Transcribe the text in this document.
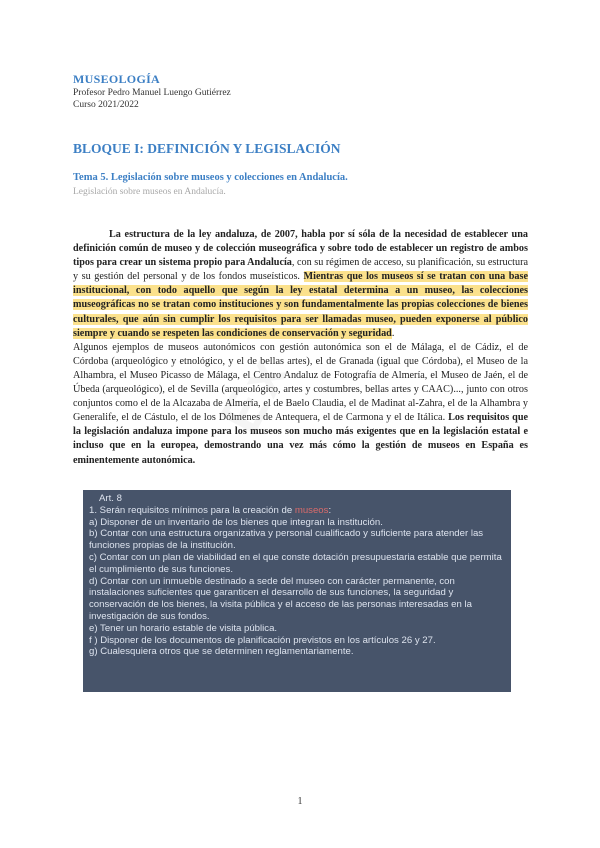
MUSEOLOGÍA
Profesor Pedro Manuel Luengo Gutiérrez
Curso 2021/2022
BLOQUE I: DEFINICIÓN Y LEGISLACIÓN
Tema 5. Legislación sobre museos y colecciones en Andalucía.
Legislación sobre museos en Andalucía.

La estructura de la ley andaluza, de 2007, habla por sí sóla de la necesidad de establecer una definición común de museo y de colección museográfica y sobre todo de establecer un registro de ambos tipos para crear un sistema propio para Andalucía, con su régimen de acceso, su planificación, su estructura y su gestión del personal y de los fondos museísticos. Mientras que los museos sí se tratan con una base institucional, con todo aquello que según la ley estatal determina a un museo, las colecciones museográficas no se tratan como instituciones y son fundamentalmente las propias colecciones de bienes culturales, que aún sin cumplir los requisitos para ser llamadas museo, pueden exponerse al público siempre y cuando se respeten las condiciones de conservación y seguridad.

Algunos ejemplos de museos autonómicos con gestión autonómica son el de Málaga, el de Cádiz, el de Córdoba (arqueológico y etnológico, y el de bellas artes), el de Granada (igual que Córdoba), el Museo de la Alhambra, el Museo Picasso de Málaga, el Centro Andaluz de Fotografía de Almería, el Museo de Jaén, el de Úbeda (arqueológico), el de Sevilla (arqueológico, artes y costumbres, bellas artes y CAAC)..., junto con otros conjuntos como el de la Alcazaba de Almería, el de Baelo Claudia, el de Madinat al-Zahra, el de la Alhambra y Generalife, el de Cástulo, el de los Dólmenes de Antequera, el de Carmona y el de Itálica. Los requisitos que la legislación andaluza impone para los museos son mucho más exigentes que en la legislación estatal e incluso que en la europea, demostrando una vez más cómo la gestión de museos en España es eminentemente autonómica.

Art. 8
1. Serán requisitos mínimos para la creación de museos:
a) Disponer de un inventario de los bienes que integran la institución.
b) Contar con una estructura organizativa y personal cualificado y suficiente para atender las funciones propias de la institución.
c) Contar con un plan de viabilidad en el que conste dotación presupuestaria estable que permita el cumplimiento de sus funciones.
d) Contar con un inmueble destinado a sede del museo con carácter permanente, con instalaciones suficientes que garanticen el desarrollo de sus funciones, la seguridad y conservación de los bienes, la visita pública y el acceso de las personas interesadas en la investigación de sus fondos.
e) Tener un horario estable de visita pública.
f ) Disponer de los documentos de planificación previstos en los artículos 26 y 27.
g) Cualesquiera otros que se determinen reglamentariamente.
Ex
1
